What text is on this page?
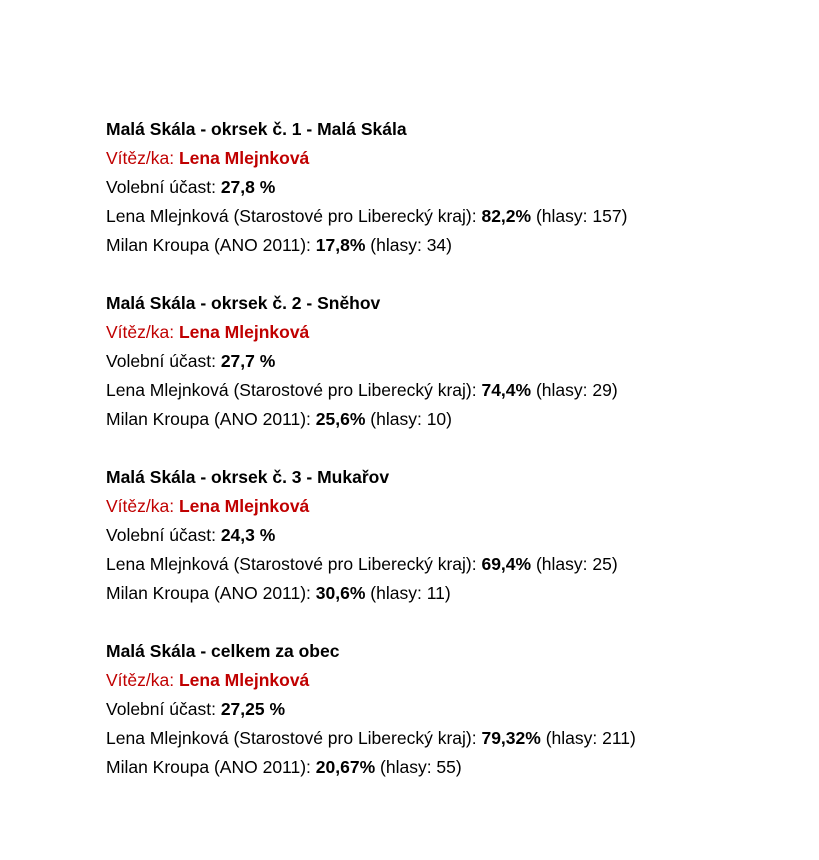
Malá Skála - okrsek č. 1 - Malá Skála
Vítěz/ka: Lena Mlejnková
Volební účast: 27,8 %
Lena Mlejnková (Starostové pro Liberecký kraj): 82,2% (hlasy: 157)
Milan Kroupa (ANO 2011): 17,8% (hlasy: 34)
Malá Skála - okrsek č. 2 - Sněhov
Vítěz/ka: Lena Mlejnková
Volební účast: 27,7 %
Lena Mlejnková (Starostové pro Liberecký kraj): 74,4% (hlasy: 29)
Milan Kroupa (ANO 2011): 25,6% (hlasy: 10)
Malá Skála - okrsek č. 3 - Mukařov
Vítěz/ka: Lena Mlejnková
Volební účast: 24,3 %
Lena Mlejnková (Starostové pro Liberecký kraj): 69,4% (hlasy: 25)
Milan Kroupa (ANO 2011): 30,6% (hlasy: 11)
Malá Skála - celkem za obec
Vítěz/ka: Lena Mlejnková
Volební účast: 27,25 %
Lena Mlejnková (Starostové pro Liberecký kraj): 79,32% (hlasy: 211)
Milan Kroupa (ANO 2011): 20,67% (hlasy: 55)
